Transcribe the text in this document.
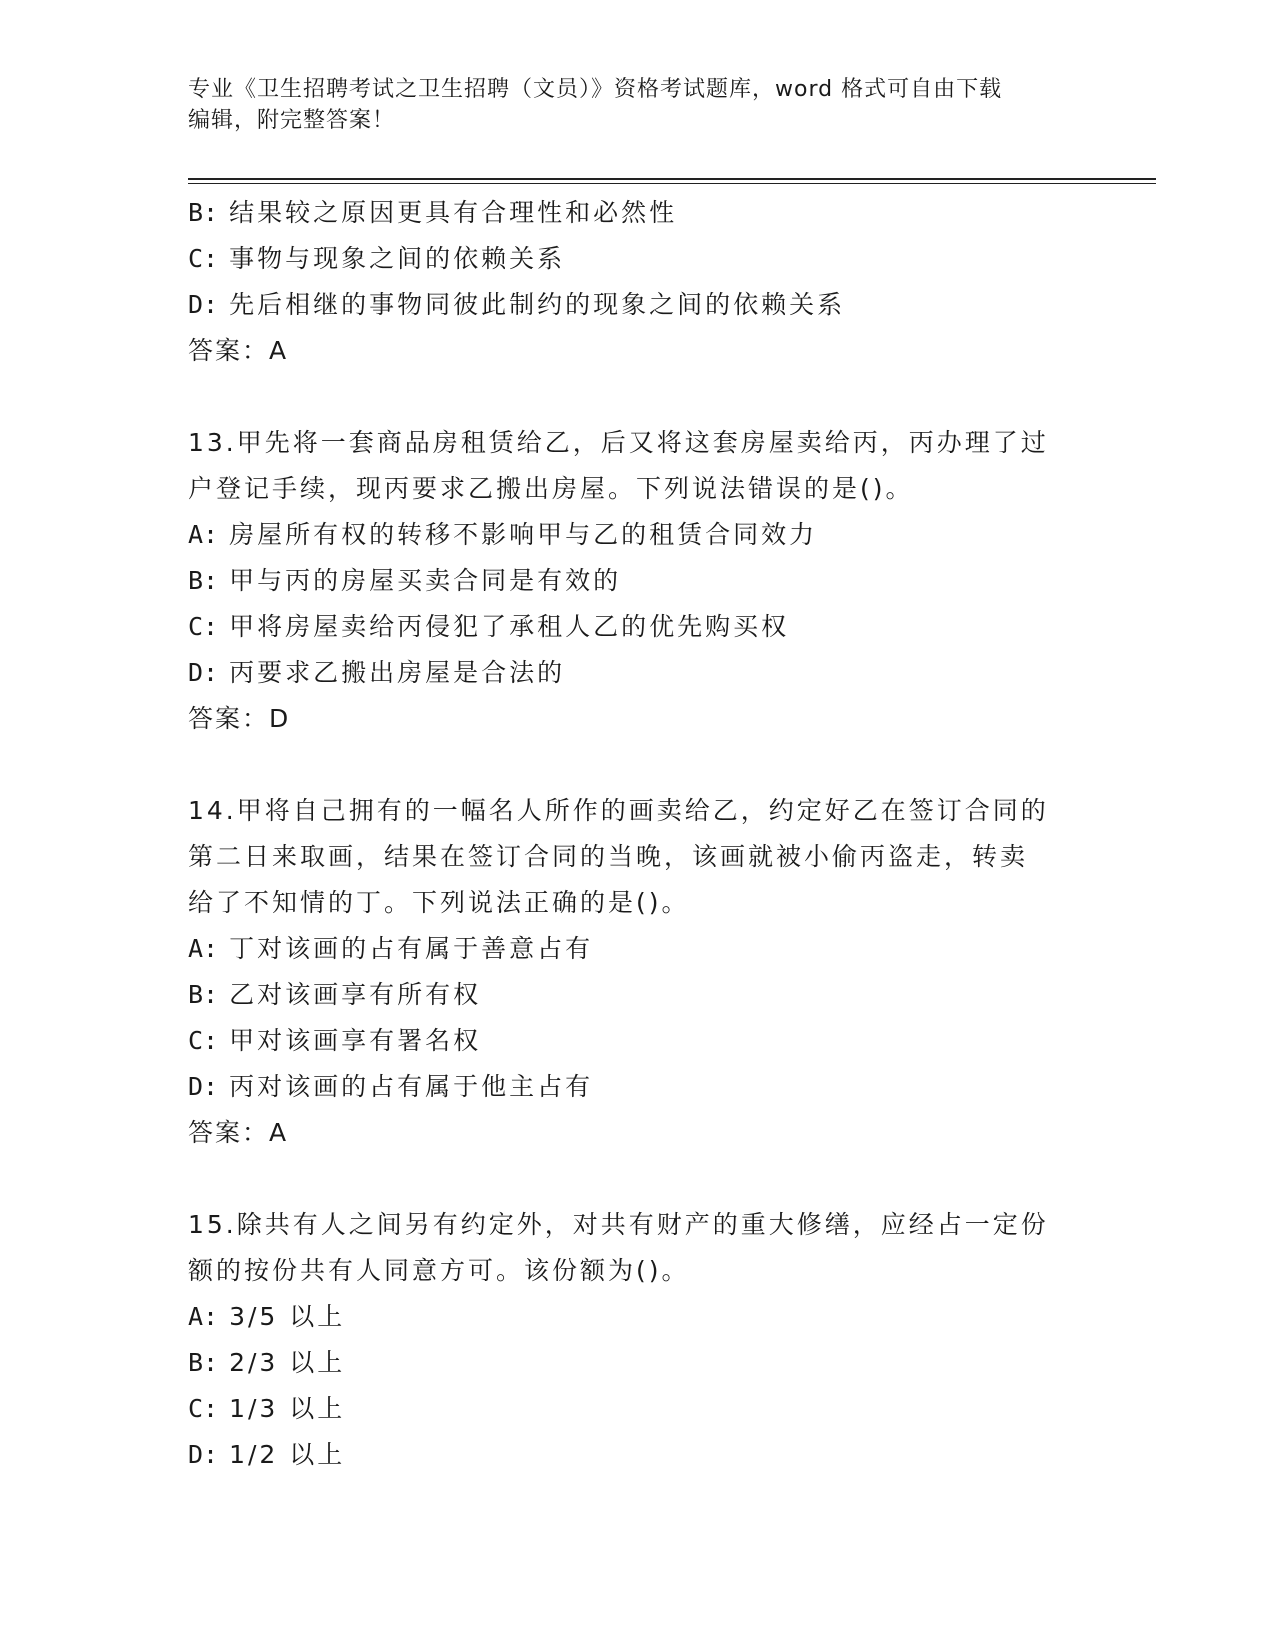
专业《卫生招聘考试之卫生招聘（文员）》资格考试题库，word 格式可自由下载
编辑，附完整答案！
B: 结果较之原因更具有合理性和必然性
C: 事物与现象之间的依赖关系
D: 先后相继的事物同彼此制约的现象之间的依赖关系
答案：A
13.甲先将一套商品房租赁给乙，后又将这套房屋卖给丙，丙办理了过
户登记手续，现丙要求乙搬出房屋。下列说法错误的是()。
A: 房屋所有权的转移不影响甲与乙的租赁合同效力
B: 甲与丙的房屋买卖合同是有效的
C: 甲将房屋卖给丙侵犯了承租人乙的优先购买权
D: 丙要求乙搬出房屋是合法的
答案：D
14.甲将自己拥有的一幅名人所作的画卖给乙，约定好乙在签订合同的
第二日来取画，结果在签订合同的当晚，该画就被小偷丙盗走，转卖
给了不知情的丁。下列说法正确的是()。
A: 丁对该画的占有属于善意占有
B: 乙对该画享有所有权
C: 甲对该画享有署名权
D: 丙对该画的占有属于他主占有
答案：A
15.除共有人之间另有约定外，对共有财产的重大修缮，应经占一定份
额的按份共有人同意方可。该份额为()。
A: 3/5 以上
B: 2/3 以上
C: 1/3 以上
D: 1/2 以上
